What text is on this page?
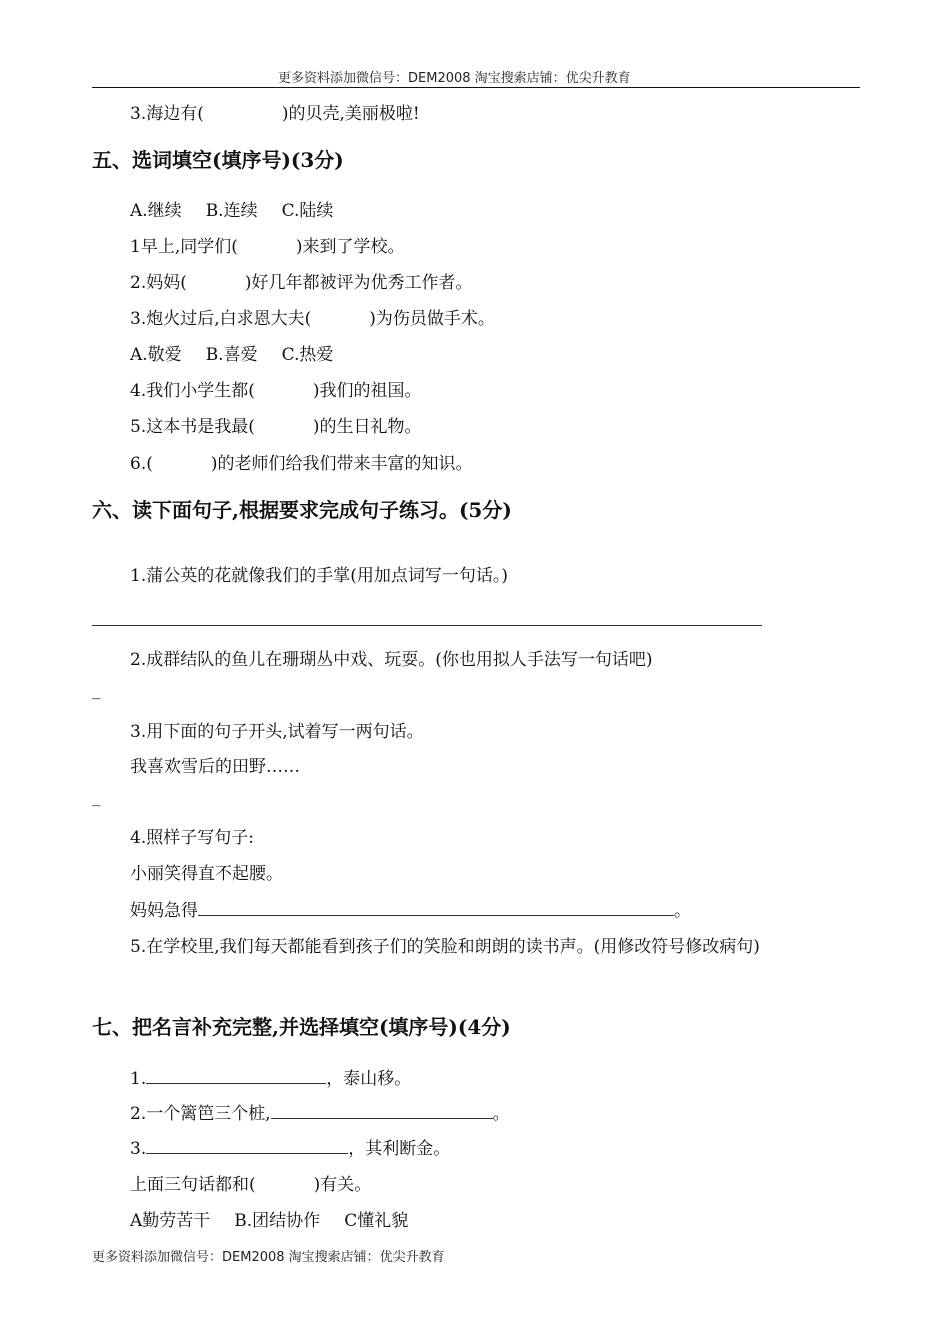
更多资料添加微信号：DEM2008 淘宝搜索店铺：优尖升教育
3.海边有(	)的贝壳,美丽极啦!
五、选词填空(填序号)(3分)
A.继续 B.连续 C.陆续
1早上,同学们(	)来到了学校。
2.妈妈(	)好几年都被评为优秀工作者。
3.炮火过后,白求恩大夫(	)为伤员做手术。
A.敬爱 B.喜爱 C.热爱
4.我们小学生都(	)我们的祖国。
5.这本书是我最(	)的生日礼物。
6.(	)的老师们给我们带来丰富的知识。
六、读下面句子,根据要求完成句子练习。(5分)
1.蒲公英的花就像我们的手掌(用加点词写一句话。)
2.成群结队的鱼儿在珊瑚丛中戏、玩耍。(你也用拟人手法写一句话吧)
_
3.用下面的句子开头,试着写一两句话。
我喜欢雪后的田野……
_
4.照样子写句子:
小丽笑得直不起腰。
妈妈急得	。
5.在学校里,我们每天都能看到孩子们的笑脸和朗朗的读书声。(用修改符号修改病句)
七、把名言补充完整,并选择填空(填序号)(4分)
1.	，泰山移。
2.一个篱笆三个桩,	。
3.	，其利断金。
上面三句话都和(	)有关。
A勤劳苦干 B.团结协作 C懂礼貌
更多资料添加微信号：DEM2008 淘宝搜索店铺：优尖升教育
